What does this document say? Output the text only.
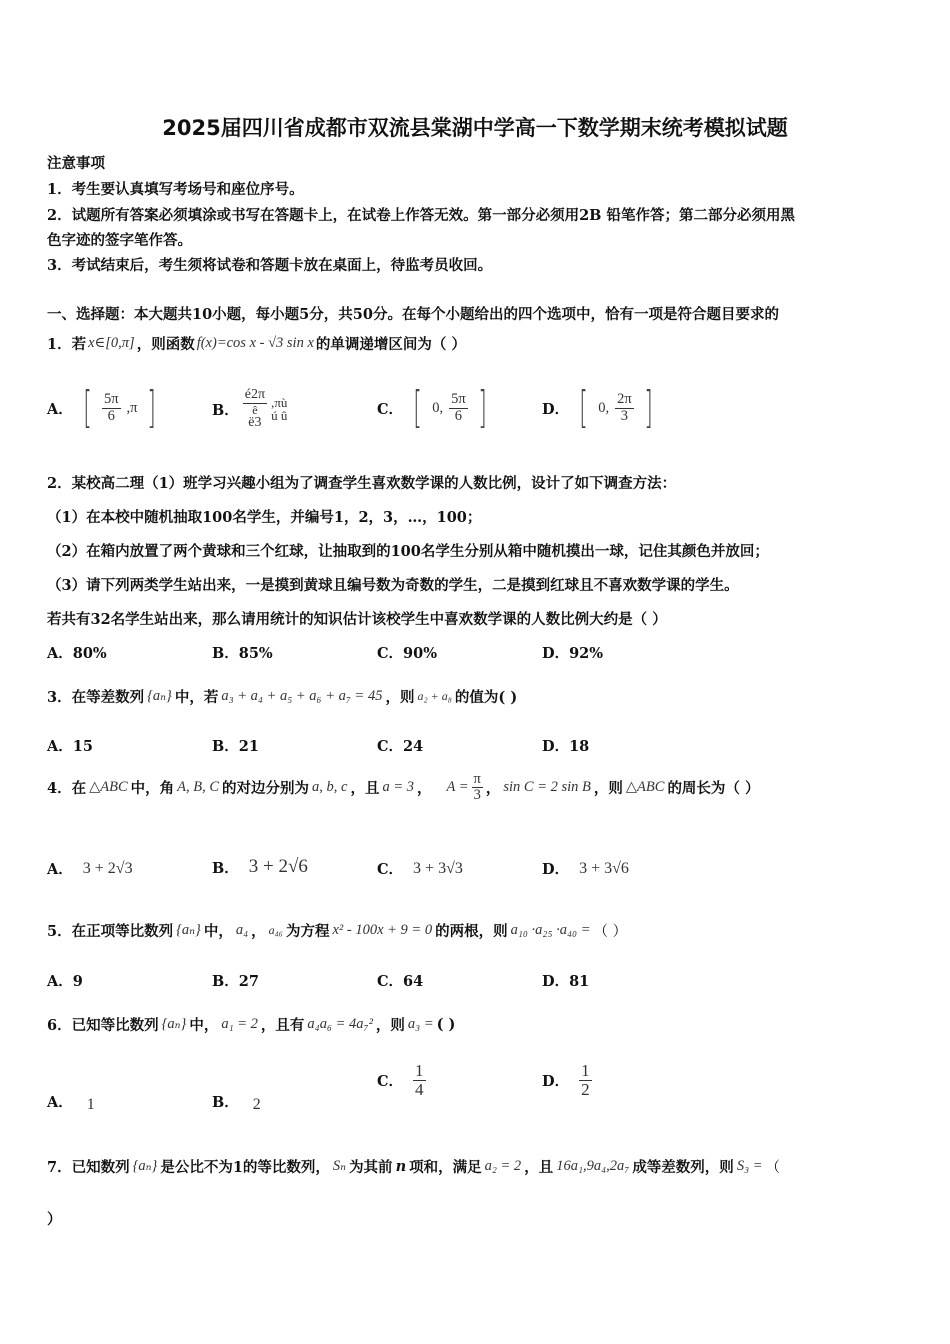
2025届四川省成都市双流县棠湖中学高一下数学期末统考模拟试题
注意事项
1．考生要认真填写考场号和座位序号。
2．试题所有答案必须填涂或书写在答题卡上，在试卷上作答无效。第一部分必须用2B 铅笔作答；第二部分必须用黑
色字迹的签字笔作答。
3．考试结束后，考生须将试卷和答题卡放在桌面上，待监考员收回。
一、选择题：本大题共10小题，每小题5分，共50分。在每个小题给出的四个选项中，恰有一项是符合题目要求的
1．若 x∈[0,π] ，则函数 f(x)=cos x - √3 sin x 的单调递增区间为（ ）
A． [ $\frac{5\pi}{6} ,\pi$ ]	B．
é2π
ê
ë3
,πù
ú û	C． [ 0, $\frac{5\pi}{6}$ ]	D． [ 0, $\frac{2\pi}{3}$ ]
2．某校高二理（1）班学习兴趣小组为了调查学生喜欢数学课的人数比例，设计了如下调查方法：
（1）在本校中随机抽取100名学生，并编号1，2，3，…，100；
（2）在箱内放置了两个黄球和三个红球，让抽取到的100名学生分别从箱中随机摸出一球，记住其颜色并放回；
（3）请下列两类学生站出来，一是摸到黄球且编号数为奇数的学生，二是摸到红球且不喜欢数学课的学生。
若共有32名学生站出来，那么请用统计的知识估计该校学生中喜欢数学课的人数比例大约是（ ）
A．80%	B．85%	C．90%	D．92%
3．在等差数列 {aₙ} 中，若 a₃ + a₄ + a₅ + a₆ + a₇ = 45 ，则 a₂ + a₈ 的值为( )
A．15	B．21	C．24	D．18
4．在 △ABC 中，角 A, B, C 的对边分别为 a, b, c ，且 a = 3 ， $A = \frac{\pi}{3}$ ， sin C = 2 sin B ，则 △ABC 的周长为（ ）
A． 3 + 2√3	B． 3 + 2√6	C． 3 + 3√3	D． 3 + 3√6
5．在正项等比数列 {aₙ} 中， a₄ ， a₄₆ 为方程 x² - 100x + 9 = 0 的两根，则 a₁₀ ·a₂₅ ·a₄₀ = （ ）
A．9	B．27	C．64	D．81
6．已知等比数列 {aₙ} 中， a₁ = 2 ，且有 a₄a₆ = 4a₇² ，则 a₃ = ( )
A． 1	B． 2
C． $\frac{1}{4}$	D． $\frac{1}{2}$
7．已知数列 {aₙ} 是公比不为1的等比数列， Sₙ 为其前 n 项和，满足 a₂ = 2 ，且 16a₁,9a₄,2a₇ 成等差数列，则 S₃ = （
）
